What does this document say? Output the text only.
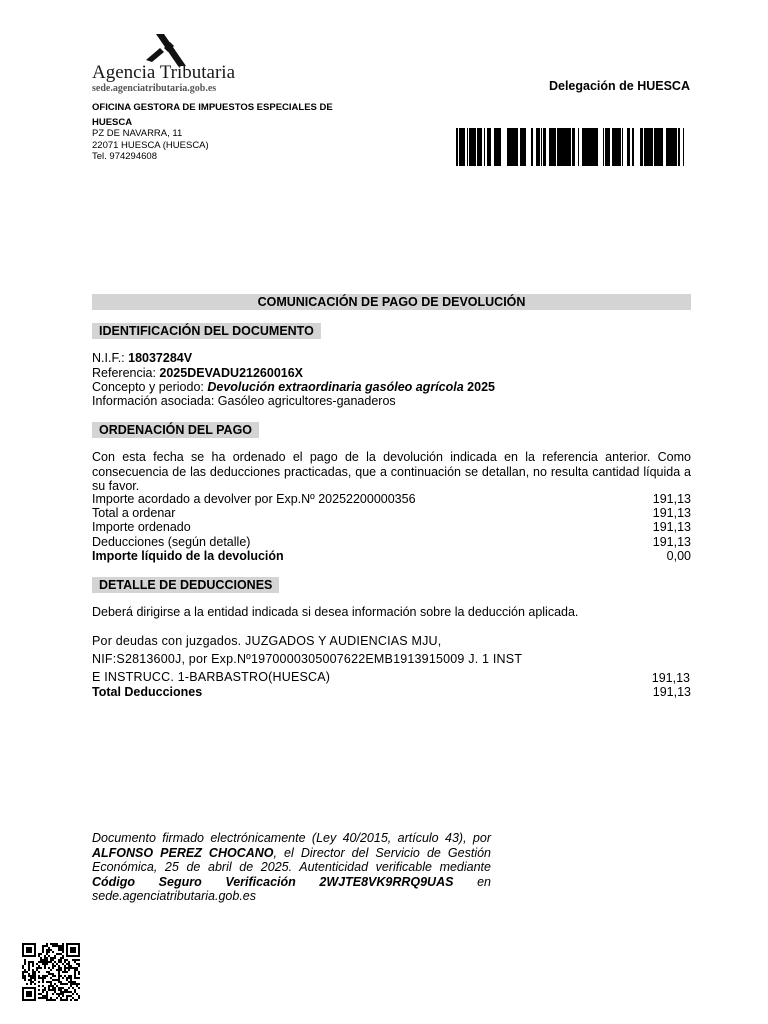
Agencia Tributaria
sede.agenciatributaria.gob.es	Delegación de HUESCA
OFICINA GESTORA DE IMPUESTOS ESPECIALES DE HUESCA
PZ DE NAVARRA, 11
22071 HUESCA (HUESCA)
Tel. 974294608
COMUNICACIÓN DE PAGO DE DEVOLUCIÓN
IDENTIFICACIÓN DEL DOCUMENTO
N.I.F.: 18037284V
Referencia: 2025DEVADU21260016X
Concepto y periodo: Devolución extraordinaria gasóleo agrícola 2025
Información asociada: Gasóleo agricultores-ganaderos
ORDENACIÓN DEL PAGO
Con esta fecha se ha ordenado el pago de la devolución indicada en la referencia anterior. Como consecuencia de las deducciones practicadas, que a continuación se detallan, no resulta cantidad líquida a su favor.
Importe acordado a devolver por Exp.Nº 20252200000356	191,13
Total a ordenar	191,13
Importe ordenado	191,13
Deducciones (según detalle)	191,13
Importe líquido de la devolución	0,00
DETALLE DE DEDUCCIONES
Deberá dirigirse a la entidad indicada si desea información sobre la deducción aplicada.
Por deudas con juzgados. JUZGADOS Y AUDIENCIAS MJU,
NIF:S2813600J, por Exp.Nº1970000305007622EMB1913915009 J. 1 INST
E INSTRUCC. 1-BARBASTRO(HUESCA)	191,13
Total Deducciones	191,13
Documento firmado electrónicamente (Ley 40/2015, artículo 43), por ALFONSO PEREZ CHOCANO, el Director del Servicio de Gestión Económica, 25 de abril de 2025. Autenticidad verificable mediante Código Seguro Verificación 2WJTE8VK9RRQ9UAS en sede.agenciatributaria.gob.es
